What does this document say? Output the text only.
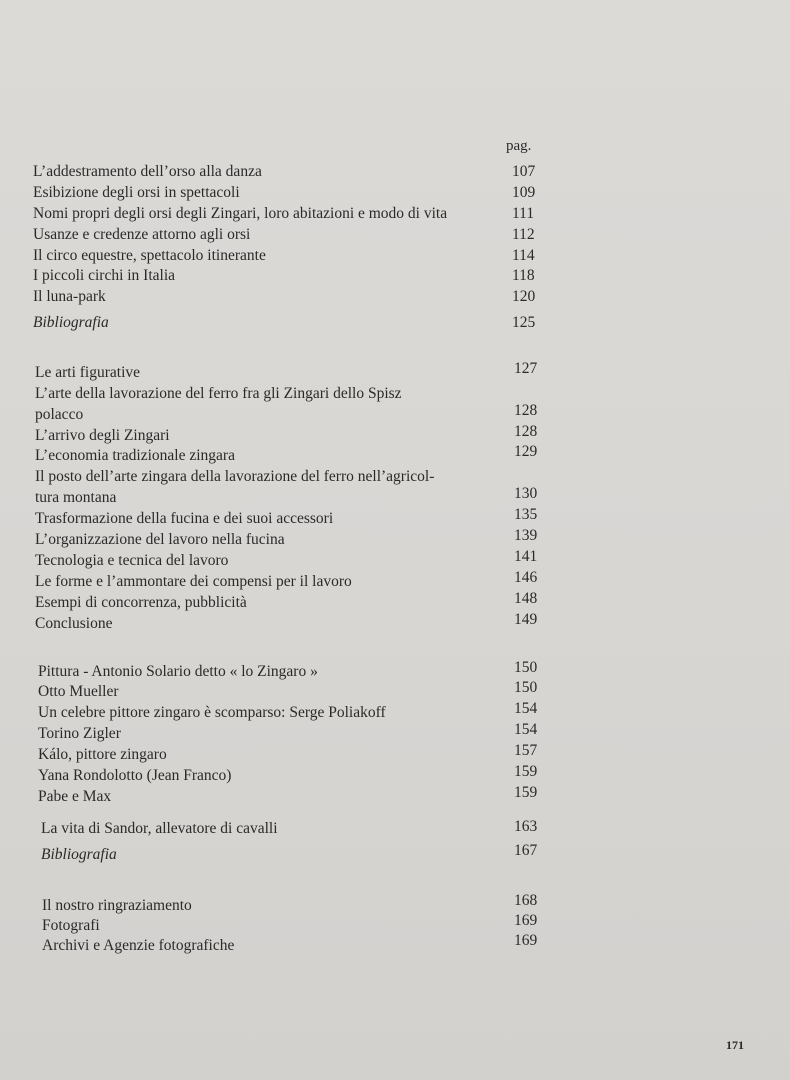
pag.
L’addestramento dell’orso alla danza	107
Esibizione degli orsi in spettacoli	109
Nomi propri degli orsi degli Zingari, loro abitazioni e modo di vita	111
Usanze e credenze attorno agli orsi	112
Il circo equestre, spettacolo itinerante	114
I piccoli circhi in Italia	118
Il luna-park	120
Bibliografia	125
Le arti figurative	127
L’arte della lavorazione del ferro fra gli Zingari dello Spisz
polacco	128
L’arrivo degli Zingari	128
L’economia tradizionale zingara	129
Il posto dell’arte zingara della lavorazione del ferro nell’agricol-
tura montana	130
Trasformazione della fucina e dei suoi accessori	135
L’organizzazione del lavoro nella fucina	139
Tecnologia e tecnica del lavoro	141
Le forme e l’ammontare dei compensi per il lavoro	146
Esempi di concorrenza, pubblicità	148
Conclusione	149
Pittura - Antonio Solario detto « lo Zingaro »	150
Otto Mueller	150
Un celebre pittore zingaro è scomparso: Serge Poliakoff	154
Torino Zigler	154
Kálo, pittore zingaro	157
Yana Rondolotto (Jean Franco)	159
Pabe e Max	159
La vita di Sandor, allevatore di cavalli	163
Bibliografia	167
Il nostro ringraziamento	168
Fotografi	169
Archivi e Agenzie fotografiche	169
171
